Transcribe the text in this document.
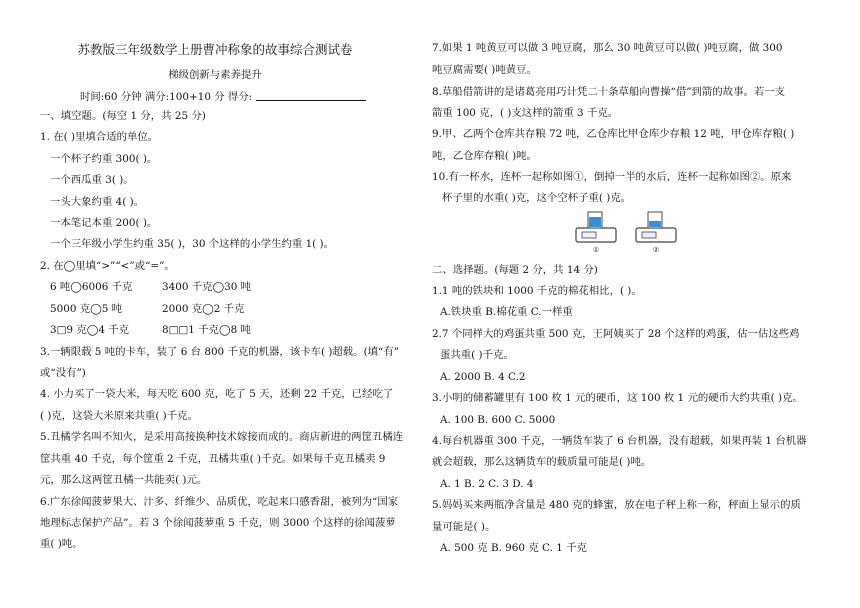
苏教版三年级数学上册曹冲称象的故事综合测试卷
梯级创新与素养提升
时间:60 分钟 满分:100+10 分 得分:
一、填空题。(每空 1 分，共 25 分)
1. 在( )里填合适的单位。
一个杯子约重 300( )。
一个西瓜重 3( )。
一头大象约重 4( )。
一本笔记本重 200( )。
一个三年级小学生约重 35( )，30 个这样的小学生约重 1( )。
2. 在◯里填“>”“<”或“=”。
6 吨◯6006 千克	3400 千克◯30 吨
5000 克◯5 吨	2000 克◯2 千克
3□9 克◯4 千克	8□□1 千克◯8 吨
3.一辆限载 5 吨的卡车，装了 6 台 800 千克的机器，该卡车( )超载。(填“有”
或“没有”)
4. 小力买了一袋大米，每天吃 600 克，吃了 5 天，还剩 22 千克，已经吃了
( )克，这袋大米原来共重( )千克。
5.丑橘学名叫不知火，是采用高接换种技术嫁接而成的。商店新进的两筐丑橘连
筐共重 40 千克，每个筐重 2 千克，丑橘共重( )千克。如果每千克丑橘卖 9
元，那么这两筐丑橘一共能卖( )元。
6.广东徐闻菠萝果大、汁多、纤维少、品质优，吃起来口感香甜，被列为“国家
地理标志保护产品”。若 3 个徐闻菠萝重 5 千克，则 3000 个这样的徐闻菠萝
重( )吨。
7.如果 1 吨黄豆可以做 3 吨豆腐，那么 30 吨黄豆可以做( )吨豆腐，做 300
吨豆腐需要( )吨黄豆。
8.草船借箭讲的是诸葛亮用巧计凭二十条草船向曹操“借”到箭的故事。若一支
箭重 100 克，( )支这样的箭重 3 千克。
9.甲、乙两个仓库共存粮 72 吨，乙仓库比甲仓库少存粮 12 吨，甲仓库存粮( )
吨，乙仓库存粮( )吨。
10.有一杯水，连杯一起称如图①，倒掉一半的水后，连杯一起称如图②。原来
杯子里的水重( )克，这个空杯子重( )克。
①	②
二、选择题。(每题 2 分，共 14 分)
1.1 吨的铁块和 1000 千克的棉花相比，( )。
A.铁块重 B.棉花重 C.一样重
2.7 个同样大的鸡蛋共重 500 克，王阿姨买了 28 个这样的鸡蛋，估一估这些鸡
蛋共重( )千克。
A. 2000 B. 4 C.2
3.小明的储蓄罐里有 100 枚 1 元的硬币，这 100 枚 1 元的硬币大约共重( )克。
A. 100 B. 600 C. 5000
4.每台机器重 300 千克，一辆货车装了 6 台机器，没有超载，如果再装 1 台机器
就会超载，那么这辆货车的载质量可能是( )吨。
A. 1 B. 2 C. 3 D. 4
5.妈妈买来两瓶净含量是 480 克的蜂蜜，放在电子秤上称一称，秤面上显示的质
量可能是( )。
A. 500 克 B. 960 克 C. 1 千克
